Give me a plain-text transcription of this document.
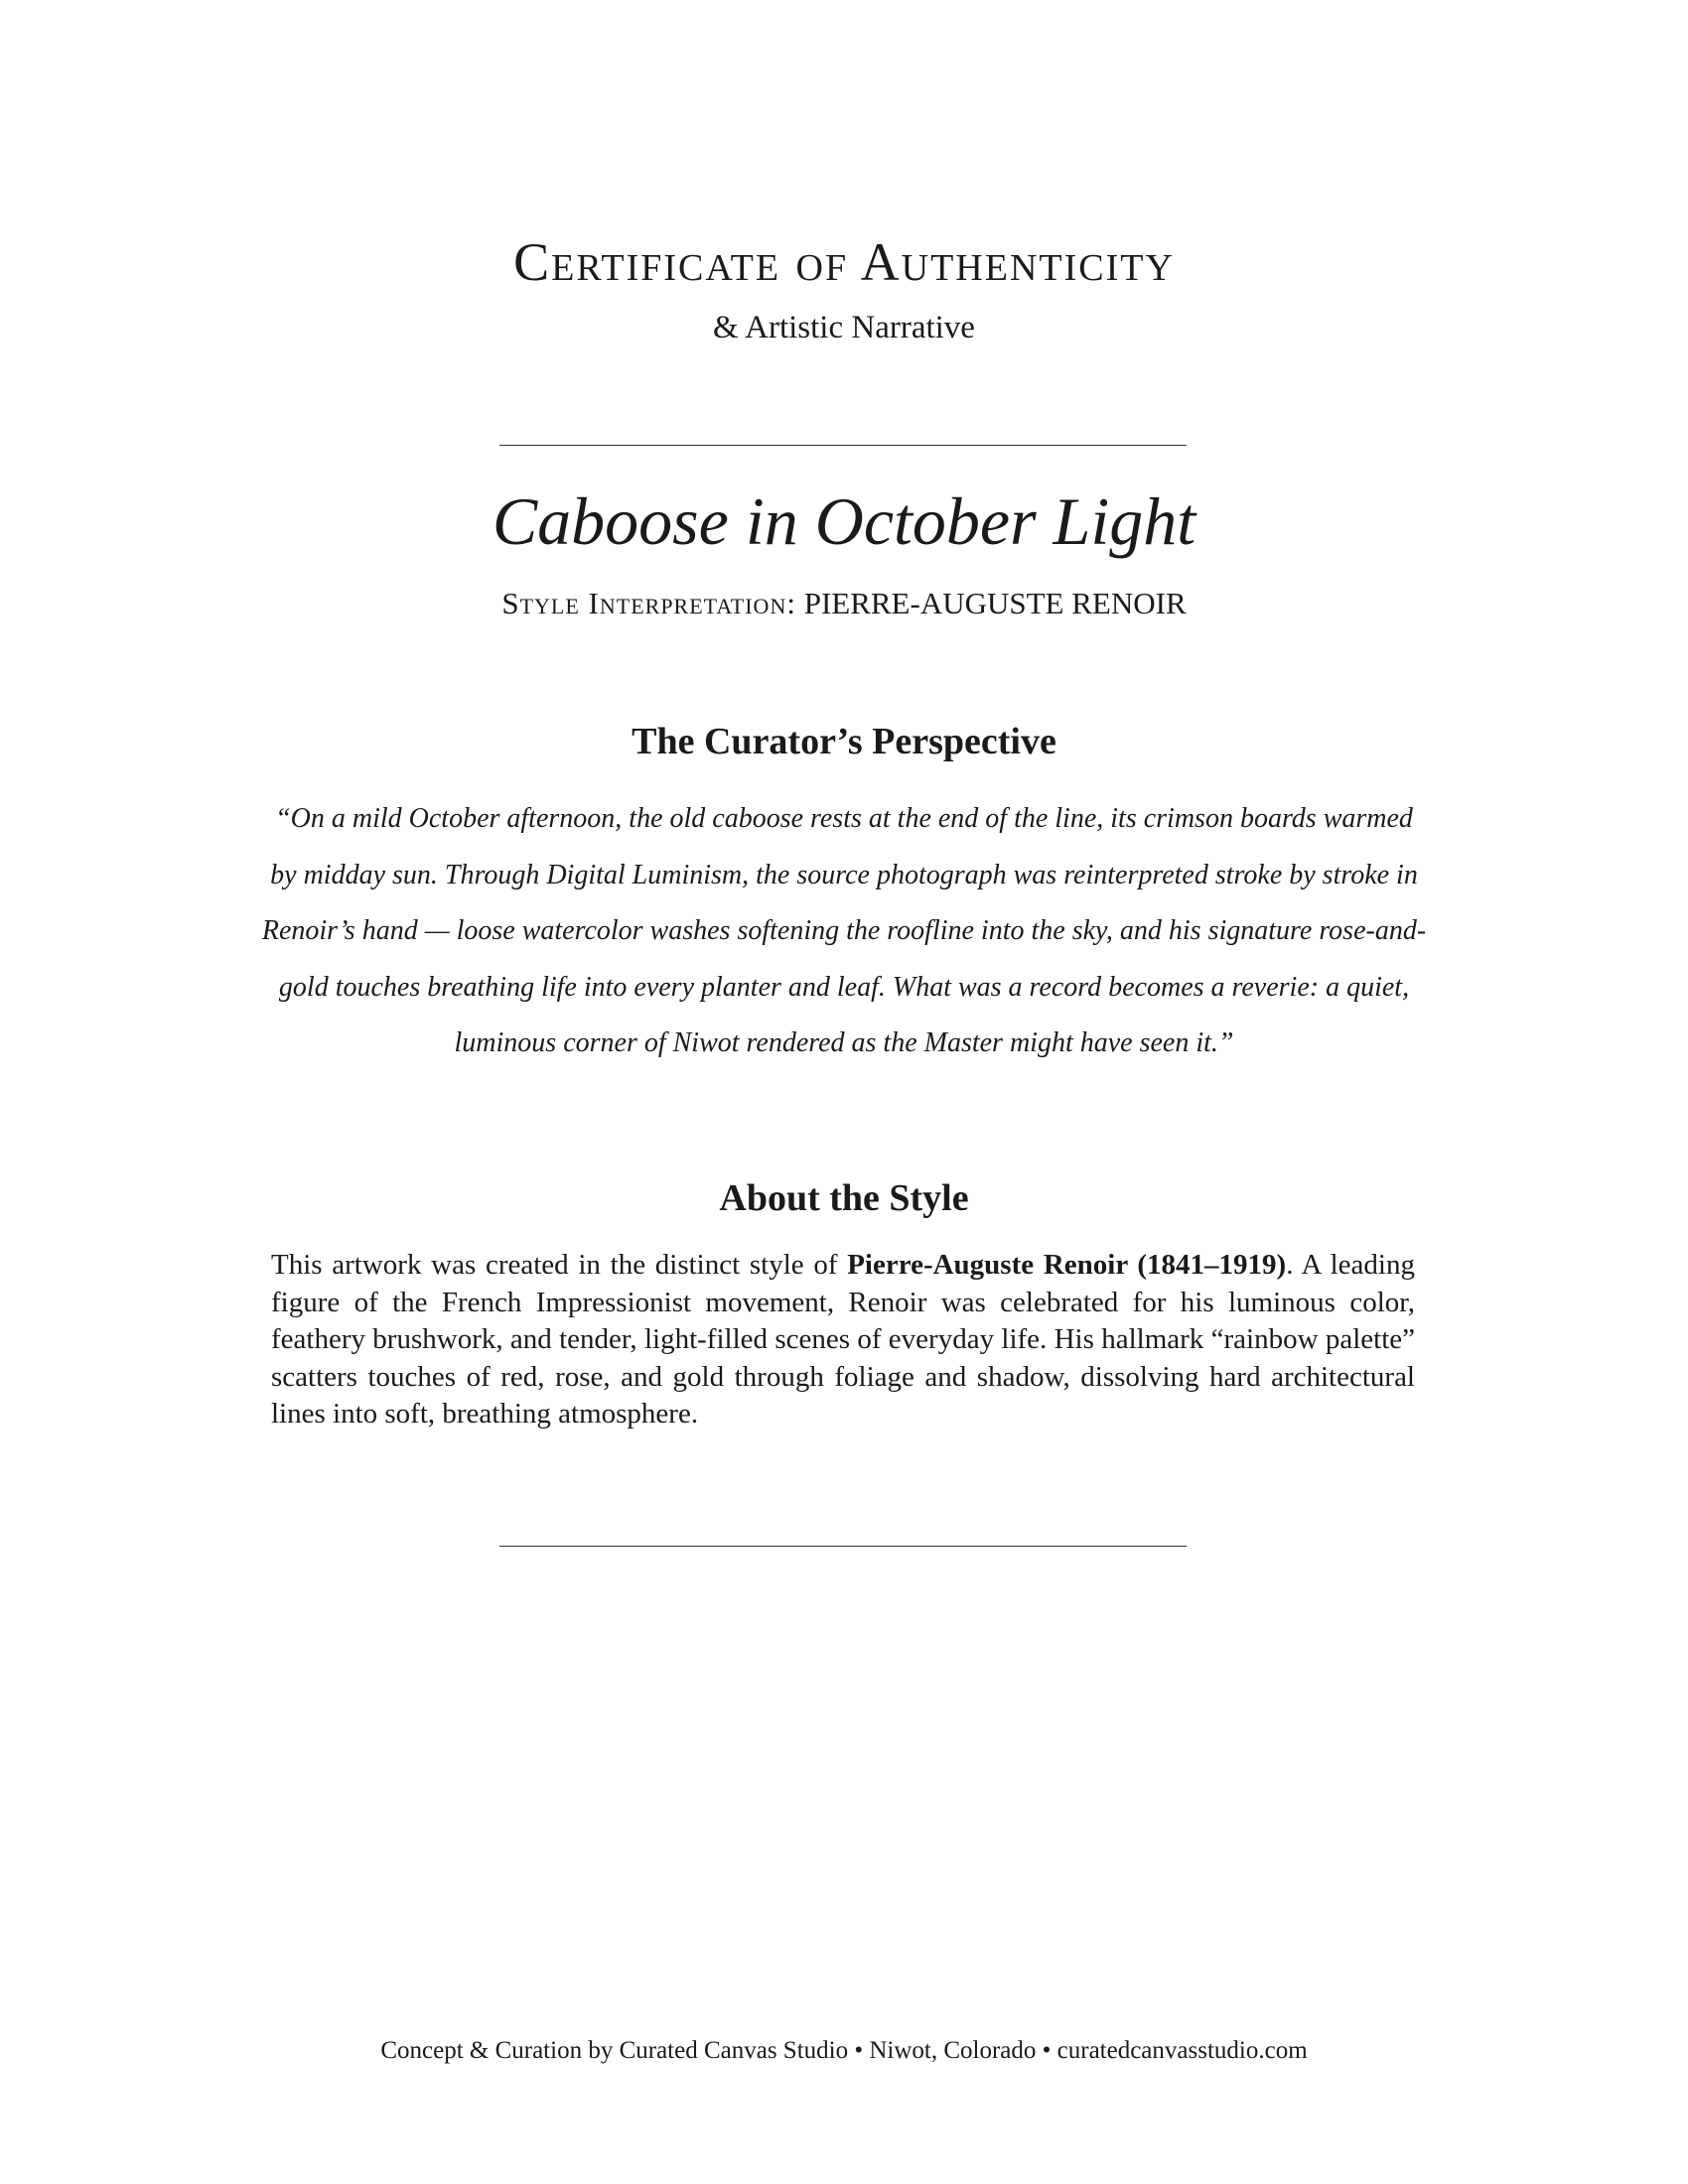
Certificate of Authenticity

& Artistic Narrative

Caboose in October Light

Style Interpretation: PIERRE-AUGUSTE RENOIR

The Curator’s Perspective

“On a mild October afternoon, the old caboose rests at the end of the line, its crimson boards warmed by midday sun. Through Digital Luminism, the source photograph was reinterpreted stroke by stroke in Renoir’s hand — loose watercolor washes softening the roofline into the sky, and his signature rose-and-gold touches breathing life into every planter and leaf. What was a record becomes a reverie: a quiet, luminous corner of Niwot rendered as the Master might have seen it.”

About the Style

This artwork was created in the distinct style of Pierre-Auguste Renoir (1841–1919). A leading figure of the French Impressionist movement, Renoir was celebrated for his luminous color, feathery brushwork, and tender, light-filled scenes of everyday life. His hallmark “rainbow palette” scatters touches of red, rose, and gold through foliage and shadow, dissolving hard architectural lines into soft, breathing atmosphere.

Concept & Curation by Curated Canvas Studio • Niwot, Colorado • curatedcanvasstudio.com
